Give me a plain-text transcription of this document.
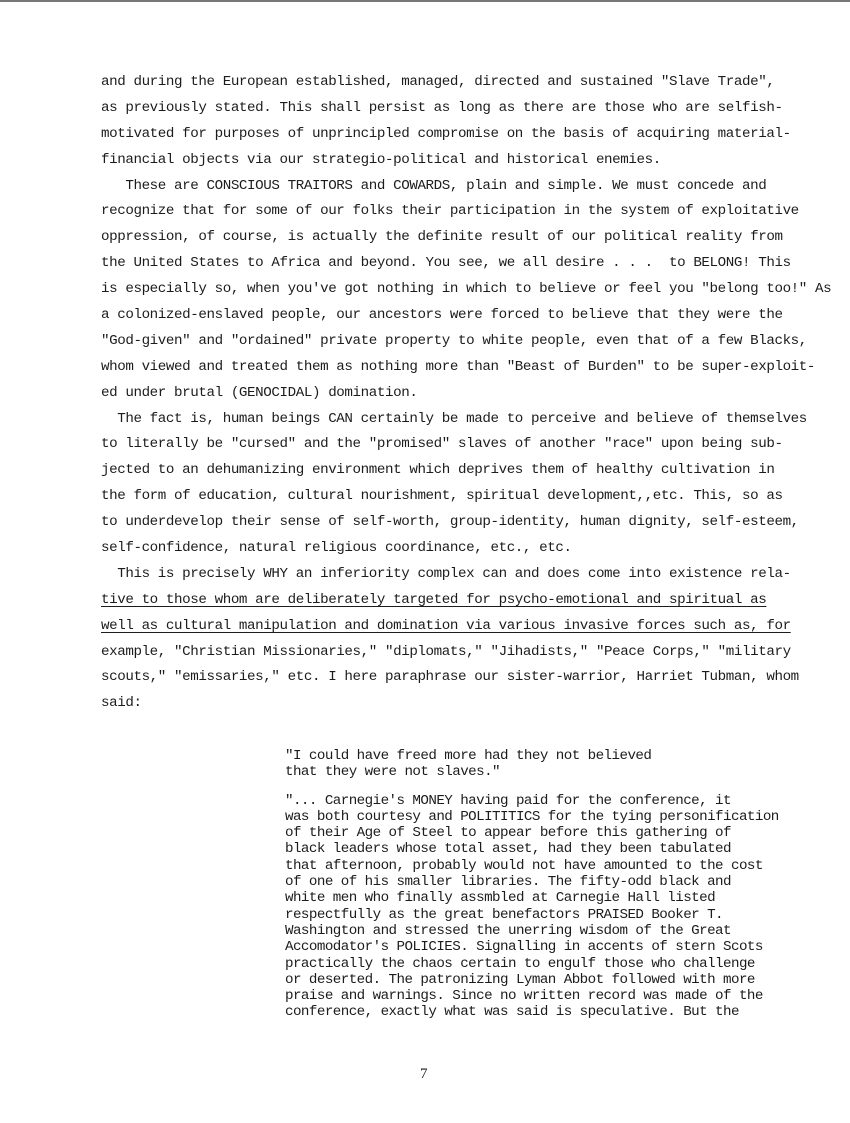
and during the European established, managed, directed and sustained "Slave Trade",
as previously stated. This shall persist as long as there are those who are selfish-
motivated for purposes of unprincipled compromise on the basis of acquiring material-
financial objects via our strategio-political and historical enemies.
These are CONSCIOUS TRAITORS and COWARDS, plain and simple. We must concede and
recognize that for some of our folks their participation in the system of exploitative
oppression, of course, is actually the definite result of our political reality from
the United States to Africa and beyond. You see, we all desire . . .  to BELONG! This
is especially so, when you've got nothing in which to believe or feel you "belong too!" As
a colonized-enslaved people, our ancestors were forced to believe that they were the
"God-given" and "ordained" private property to white people, even that of a few Blacks,
whom viewed and treated them as nothing more than "Beast of Burden" to be super-exploit-
ed under brutal (GENOCIDAL) domination.
The fact is, human beings CAN certainly be made to perceive and believe of themselves
to literally be "cursed" and the "promised" slaves of another "race" upon being sub-
jected to an dehumanizing environment which deprives them of healthy cultivation in
the form of education, cultural nourishment, spiritual development,,etc. This, so as
to underdevelop their sense of self-worth, group-identity, human dignity, self-esteem,
self-confidence, natural religious coordinance, etc., etc.
This is precisely WHY an inferiority complex can and does come into existence rela-
tive to those whom are deliberately targeted for psycho-emotional and spiritual as
well as cultural manipulation and domination via various invasive forces such as, for
example, "Christian Missionaries," "diplomats," "Jihadists," "Peace Corps," "military
scouts," "emissaries," etc. I here paraphrase our sister-warrior, Harriet Tubman, whom
said:
"I could have freed more had they not believed
that they were not slaves."
"... Carnegie's MONEY having paid for the conference, it
was both courtesy and POLITITICS for the tying personification
of their Age of Steel to appear before this gathering of
black leaders whose total asset, had they been tabulated
that afternoon, probably would not have amounted to the cost
of one of his smaller libraries. The fifty-odd black and
white men who finally assmbled at Carnegie Hall listed
respectfully as the great benefactors PRAISED Booker T.
Washington and stressed the unerring wisdom of the Great
Accomodator's POLICIES. Signalling in accents of stern Scots
practically the chaos certain to engulf those who challenge
or deserted. The patronizing Lyman Abbot followed with more
praise and warnings. Since no written record was made of the
conference, exactly what was said is speculative. But the
7
